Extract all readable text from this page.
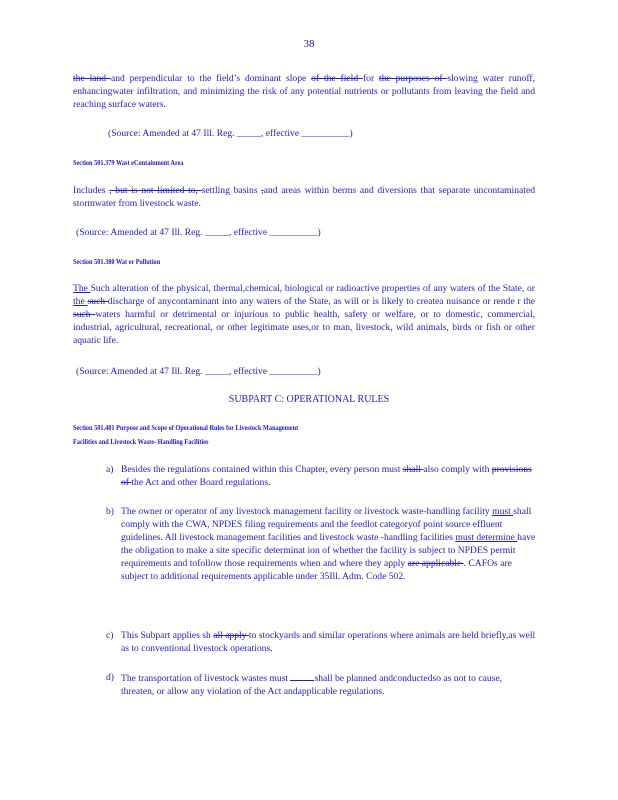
38
the land and perpendicular to the field’s dominant slope of the field for the purposes of slowing water runoff, enhancingwater infiltration, and minimizing the risk of any potential nutrients or pollutants from leaving the field and reaching surface waters.
(Source: Amended at 47 Ill. Reg. _____, effective __________)
Section 501.379 Wast eContainment Area
Includes , but is not limited to, settling basins ,and areas within berms and diversions that separate uncontaminated stormwater from livestock waste.
(Source: Amended at 47 Ill. Reg. _____, effective __________)
Section 501.380 Wat er Pollution
The Such alteration of the physical, thermal,chemical, biological or radioactive properties of any waters of the State, or the such discharge of anycontaminant into any waters of the State, as will or is likely to createa nuisance or rende r the such waters harmful or detrimental or injurious to public health, safety or welfare, or to domestic, commercial, industrial, agricultural, recreational, or other legitimate uses,or to man, livestock, wild animals, birds or fish or other aquatic life.
(Source: Amended at 47 Ill. Reg. _____, effective __________)
SUBPART C: OPERATIONAL RULES
Section 501.401 Purpose and Scope of Operational Rules for Livestock Management
Facilities and Livestock Waste- Handling Facilities
a) Besides the regulations contained within this Chapter, every person must shall also comply with provisions of the Act and other Board regulations.
b) The owner or operator of any livestock management facility or livestock waste-handling facility must shall comply with the CWA, NPDES filing requirements and the feedlot categoryof point source effluent guidelines. All livestock management facilities and livestock waste -handling facilities must determine have the obligation to make a site specific determinat ion of whether the facility is subject to NPDES permit requirements and tofollow those requirements when and where they apply are applicable . CAFOs are subject to additional requirements applicable under 35Ill. Adm. Code 502.
c) This Subpart applies sh all apply to stockyards and similar operations where animals are held briefly,as well as to conventional livestock operations.
d) The transportation of livestock wastes must	shall be planned andconductedso as not to cause, threaten, or allow any violation of the Act andapplicable regulations.
